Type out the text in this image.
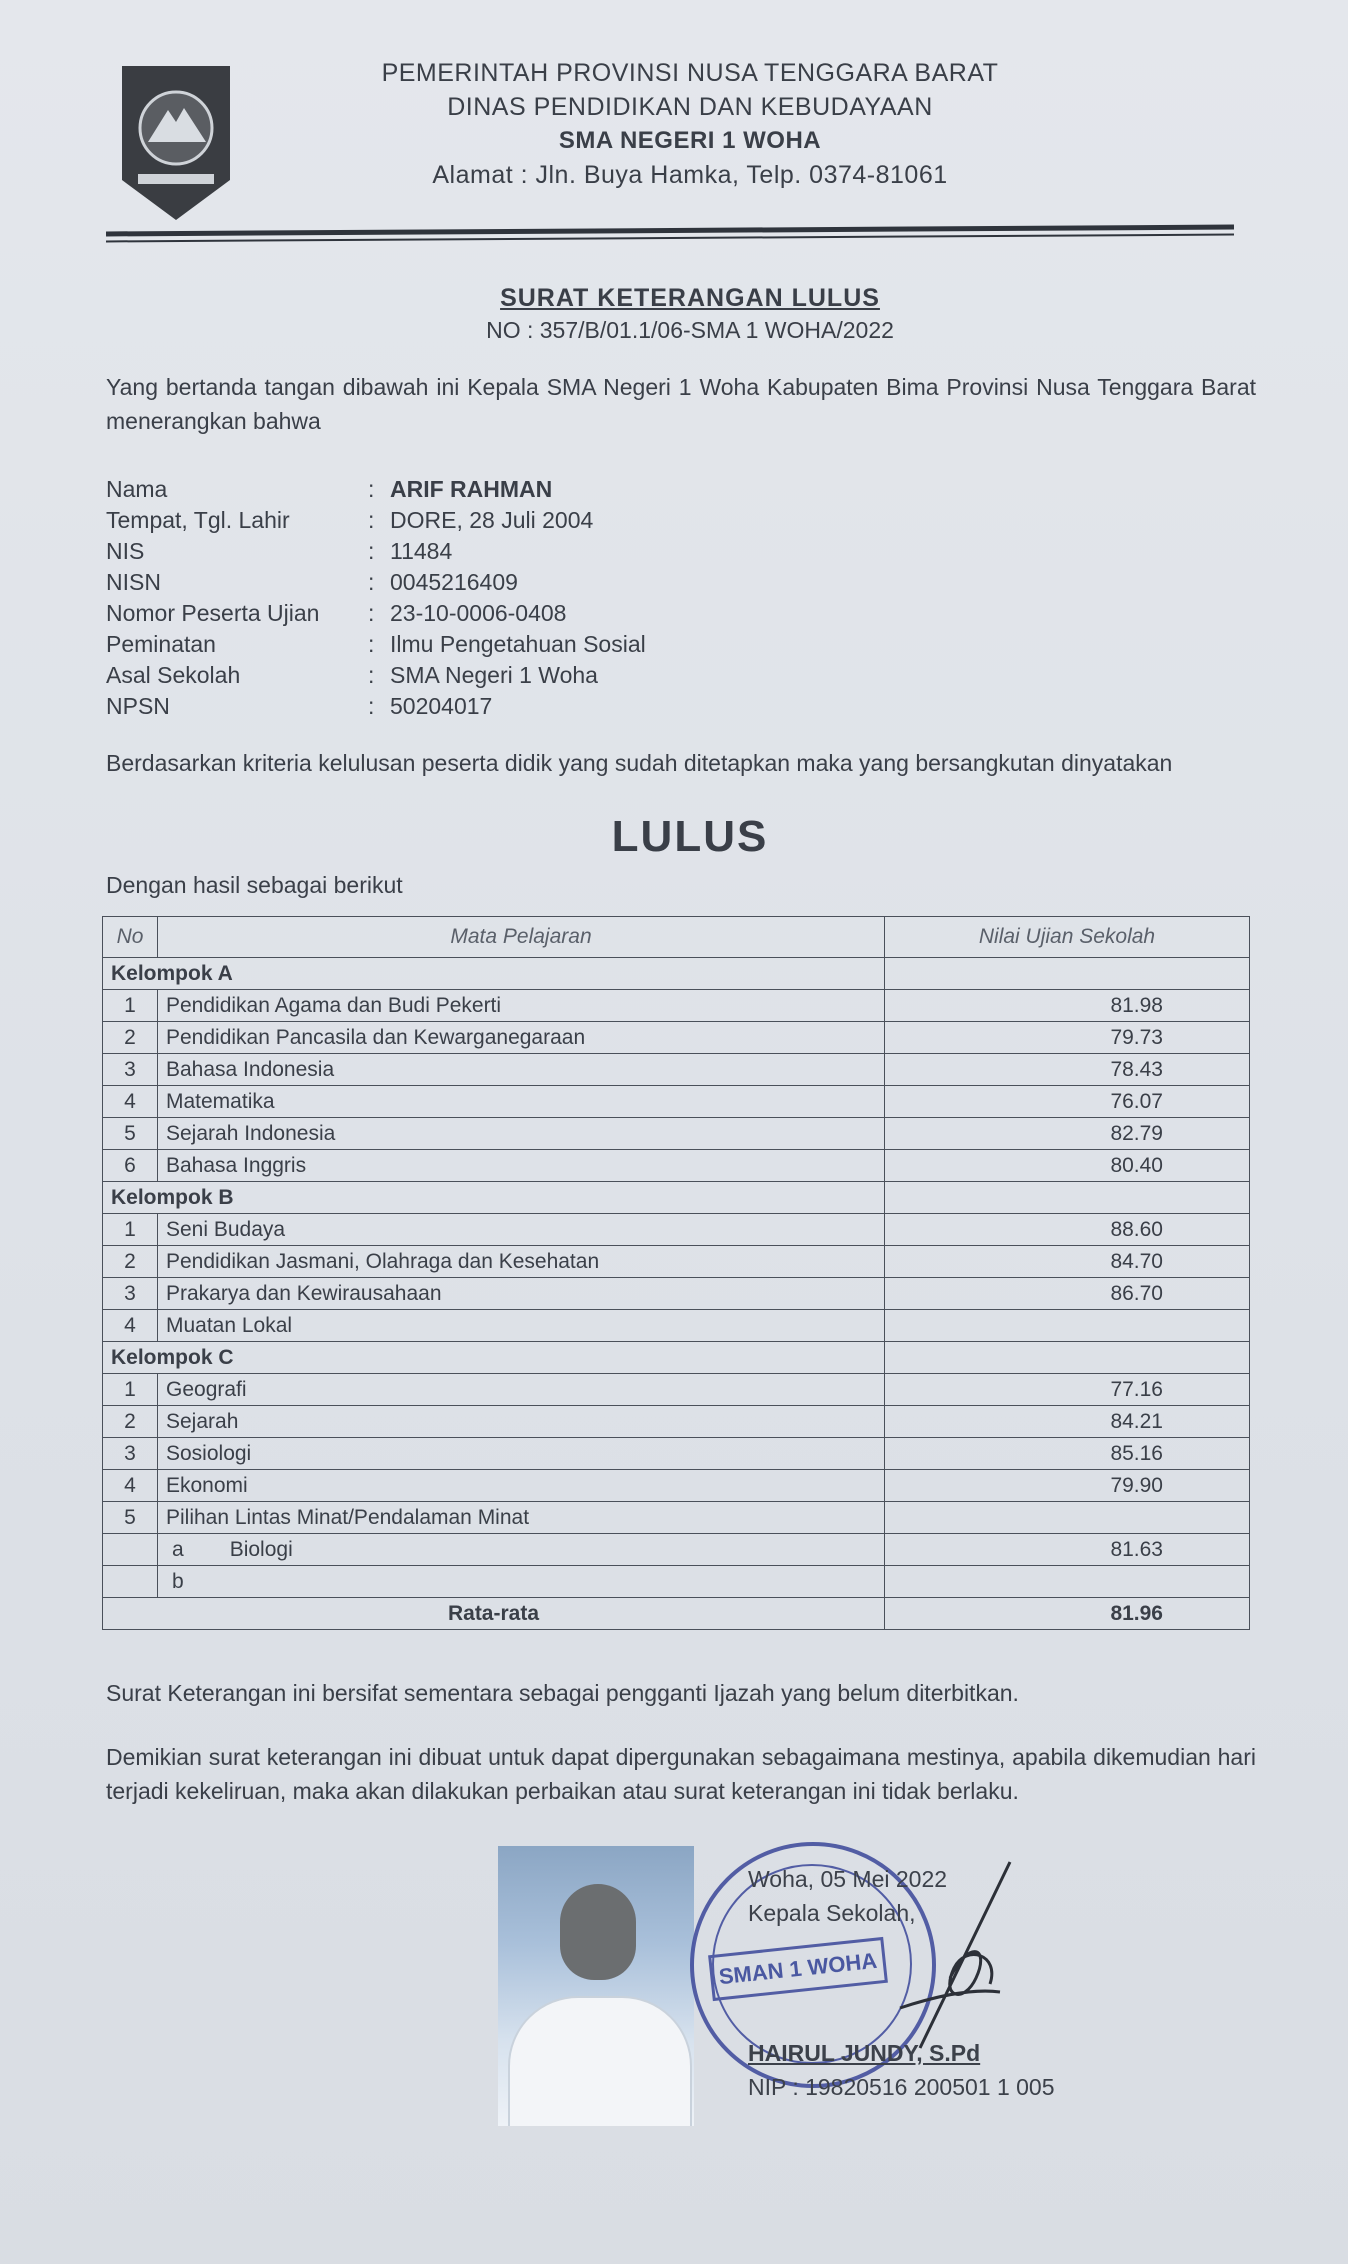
PEMERINTAH PROVINSI NUSA TENGGARA BARAT
DINAS PENDIDIKAN DAN KEBUDAYAAN
SMA NEGERI 1 WOHA
Alamat : Jln. Buya Hamka, Telp. 0374-81061
SURAT KETERANGAN LULUS
NO : 357/B/01.1/06-SMA 1 WOHA/2022
Yang bertanda tangan dibawah ini Kepala SMA Negeri 1 Woha Kabupaten Bima Provinsi Nusa Tenggara Barat menerangkan bahwa
Nama	: ARIF RAHMAN
Tempat, Tgl. Lahir	: DORE, 28 Juli 2004
NIS	: 11484
NISN	: 0045216409
Nomor Peserta Ujian	: 23-10-0006-0408
Peminatan	: Ilmu Pengetahuan Sosial
Asal Sekolah	: SMA Negeri 1 Woha
NPSN	: 50204017
Berdasarkan kriteria kelulusan peserta didik yang sudah ditetapkan maka yang bersangkutan dinyatakan
LULUS
Dengan hasil sebagai berikut
No	Mata Pelajaran	Nilai Ujian Sekolah
Kelompok A		
1	Pendidikan Agama dan Budi Pekerti	81.98
2	Pendidikan Pancasila dan Kewarganegaraan	79.73
3	Bahasa Indonesia	78.43
4	Matematika	76.07
5	Sejarah Indonesia	82.79
6	Bahasa Inggris	80.40
Kelompok B		
1	Seni Budaya	88.60
2	Pendidikan Jasmani, Olahraga dan Kesehatan	84.70
3	Prakarya dan Kewirausahaan	86.70
4	Muatan Lokal	
Kelompok C		
1	Geografi	77.16
2	Sejarah	84.21
3	Sosiologi	85.16
4	Ekonomi	79.90
5	Pilihan Lintas Minat/Pendalaman Minat	
	a Biologi	81.63
	b	
Rata-rata		81.96
Surat Keterangan ini bersifat sementara sebagai pengganti Ijazah yang belum diterbitkan.
Demikian surat keterangan ini dibuat untuk dapat dipergunakan sebagaimana mestinya, apabila dikemudian hari terjadi kekeliruan, maka akan dilakukan perbaikan atau surat keterangan ini tidak berlaku.
SMAN 1 WOHA
Woha, 05 Mei 2022
Kepala Sekolah,
HAIRUL JUNDY, S.Pd
NIP : 19820516 200501 1 005
